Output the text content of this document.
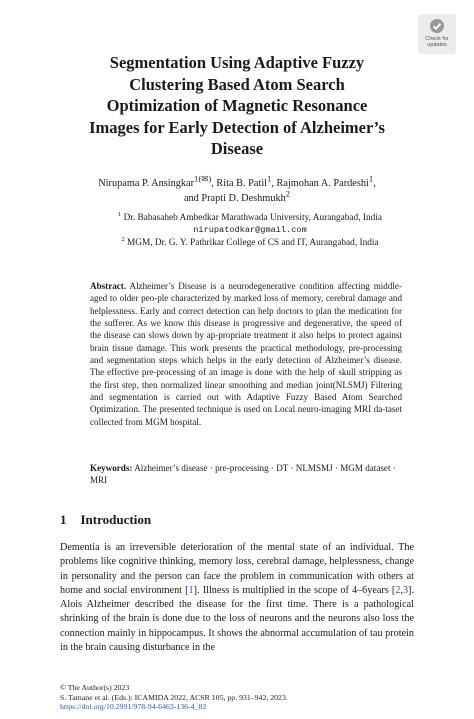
Check for
updates
Segmentation Using Adaptive Fuzzy
Clustering Based Atom Search
Optimization of Magnetic Resonance
Images for Early Detection of Alzheimer’s
Disease
Nirupama P. Ansingkar$^{1(✉)}$, Rita B. Patil$^1$, Rajmohan A. Pardeshi$^1$,
and Prapti D. Deshmukh$^2$
$^1$ Dr. Babasaheb Ambedkar Marathwada University, Aurangabad, India
nirupatodkar@gmail.com
$^2$ MGM, Dr. G. Y. Pathrikar College of CS and IT, Aurangabad, India
Abstract. Alzheimer’s Disease is a neurodegenerative condition affecting middle-aged to older peo-ple characterized by marked loss of memory, cerebral damage and helplessness. Early and correct detection can help doctors to plan the medication for the sufferer. As we know this disease is progressive and degenerative, the speed of the disease can slows down by ap-propriate treatment it also helps to protect against brain tissue damage. This work presents the practical methodology, pre-processing and segmentation steps which helps in the early detection of Alzheimer’s disease. The effective pre-processing of an image is done with the help of skull stripping as the first step, then normalized linear smoothing and median joint(NLSMJ) Filtering and segmentation is carried out with Adaptive Fuzzy Based Atom Searched Optimization. The presented technique is used on Local neuro-imaging MRI da-taset collected from MGM hospital.
Keywords: Alzheimer’s disease · pre-processing · DT · NLMSMJ · MGM dataset · MRI
1 Introduction
Dementia is an irreversible deterioration of the mental state of an individual. The problems like cognitive thinking, memory loss, cerebral damage, helplessness, change in personality and the person can face the problem in communication with others at home and social environment [1]. Illness is multiplied in the scope of 4–6years [2,3]. Alois Alzheimer described the disease for the first time. There is a pathological shrinking of the brain is done due to the loss of neurons and the neurons also loss the connection mainly in hippocampus. It shows the abnormal accumulation of tau protein in the brain causing disturbance in the
© The Author(s) 2023
S. Tamane et al. (Eds.): ICAMIDA 2022, ACSR 105, pp. 931–942, 2023.
https://doi.org/10.2991/978-94-6463-136-4_82
